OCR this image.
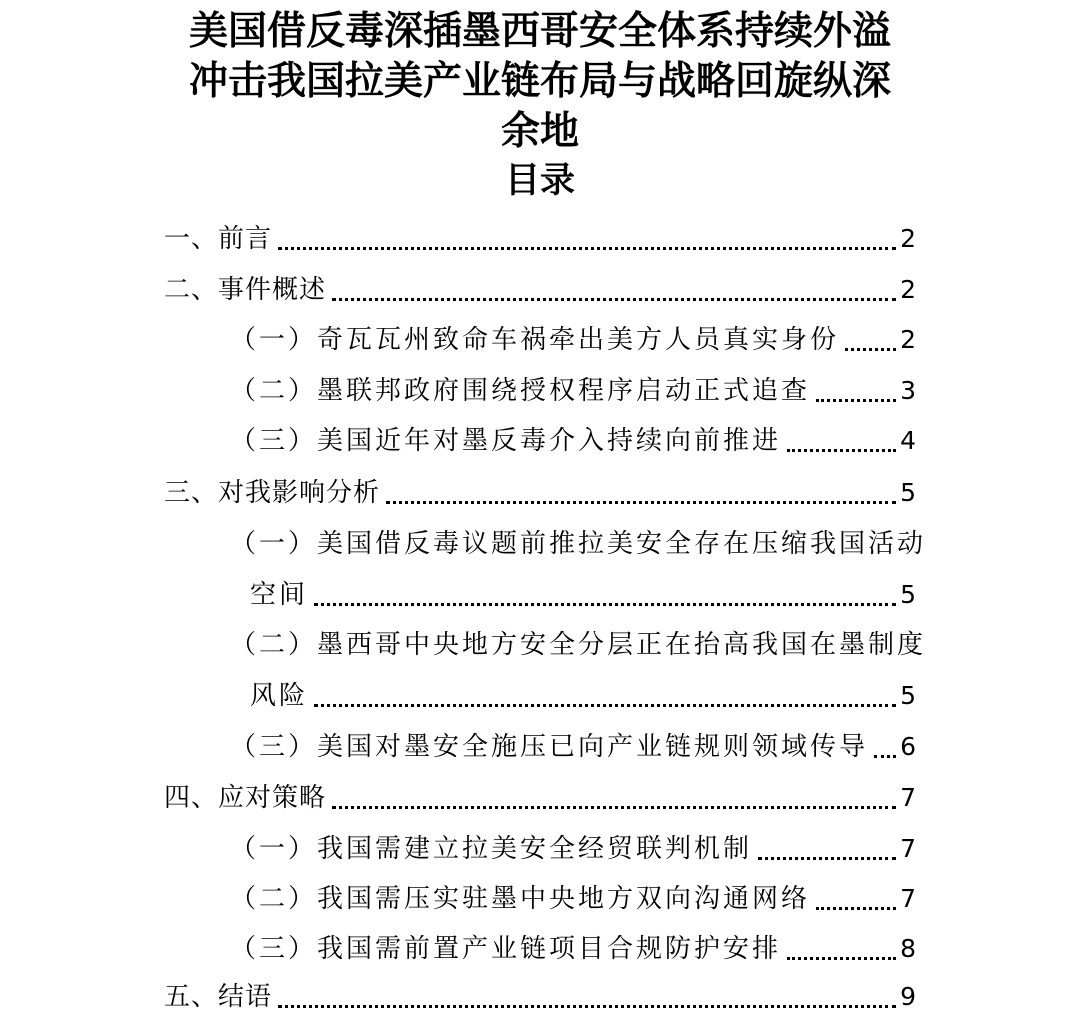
美国借反毒深插墨西哥安全体系持续外溢
冲击我国拉美产业链布局与战略回旋纵深
余地
目录
一、前言	2
二、事件概述	2
（一）奇瓦瓦州致命车祸牵出美方人员真实身份 2
（二）墨联邦政府围绕授权程序启动正式追查	3
（三）美国近年对墨反毒介入持续向前推进	4
三、对我影响分析	5
（一）美国借反毒议题前推拉美安全存在压缩我国活动
空间	5
（二）墨西哥中央地方安全分层正在抬高我国在墨制度
风险	5
（三）美国对墨安全施压已向产业链规则领域传导 6
四、应对策略	7
（一）我国需建立拉美安全经贸联判机制	7
（二）我国需压实驻墨中央地方双向沟通网络	7
（三）我国需前置产业链项目合规防护安排	8
五、结语	9
